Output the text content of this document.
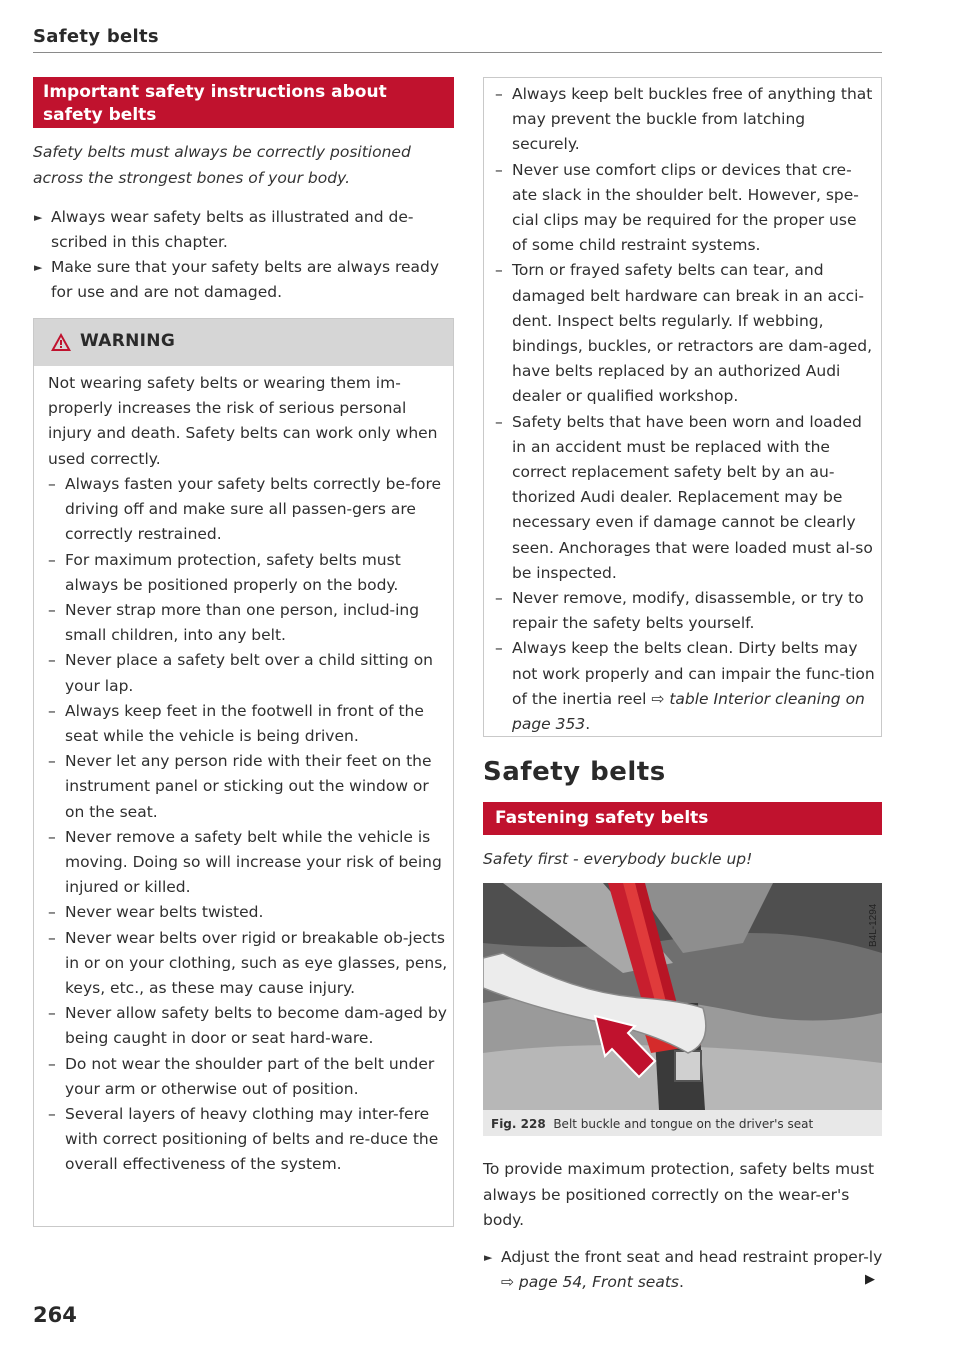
Safety belts
Important safety instructions about safety belts
Safety belts must always be correctly positioned across the strongest bones of your body.
► Always wear safety belts as illustrated and de-scribed in this chapter.
► Make sure that your safety belts are always ready for use and are not damaged.
WARNING
Not wearing safety belts or wearing them im-properly increases the risk of serious personal injury and death. Safety belts can work only when used correctly.
– Always fasten your safety belts correctly be-fore driving off and make sure all passen-gers are correctly restrained.
– For maximum protection, safety belts must always be positioned properly on the body.
– Never strap more than one person, includ-ing small children, into any belt.
– Never place a safety belt over a child sitting on your lap.
– Always keep feet in the footwell in front of the seat while the vehicle is being driven.
– Never let any person ride with their feet on the instrument panel or sticking out the window or on the seat.
– Never remove a safety belt while the vehicle is moving. Doing so will increase your risk of being injured or killed.
– Never wear belts twisted.
– Never wear belts over rigid or breakable ob-jects in or on your clothing, such as eye glasses, pens, keys, etc., as these may cause injury.
– Never allow safety belts to become dam-aged by being caught in door or seat hard-ware.
– Do not wear the shoulder part of the belt under your arm or otherwise out of position.
– Several layers of heavy clothing may inter-fere with correct positioning of belts and re-duce the overall effectiveness of the system.
264
– Always keep belt buckles free of anything that may prevent the buckle from latching securely.
– Never use comfort clips or devices that cre-ate slack in the shoulder belt. However, spe-cial clips may be required for the proper use of some child restraint systems.
– Torn or frayed safety belts can tear, and damaged belt hardware can break in an acci-dent. Inspect belts regularly. If webbing, bindings, buckles, or retractors are dam-aged, have belts replaced by an authorized Audi dealer or qualified workshop.
– Safety belts that have been worn and loaded in an accident must be replaced with the correct replacement safety belt by an au-thorized Audi dealer. Replacement may be necessary even if damage cannot be clearly seen. Anchorages that were loaded must al-so be inspected.
– Never remove, modify, disassemble, or try to repair the safety belts yourself.
– Always keep the belts clean. Dirty belts may not work properly and can impair the func-tion of the inertia reel ⇨ table Interior cleaning on page 353.
Safety belts
Fastening safety belts
Safety first - everybody buckle up!
B4L-1294
Fig. 228 Belt buckle and tongue on the driver's seat
To provide maximum protection, safety belts must always be positioned correctly on the wear-er's body.
► Adjust the front seat and head restraint proper-ly ⇨ page 54, Front seats.	▶
